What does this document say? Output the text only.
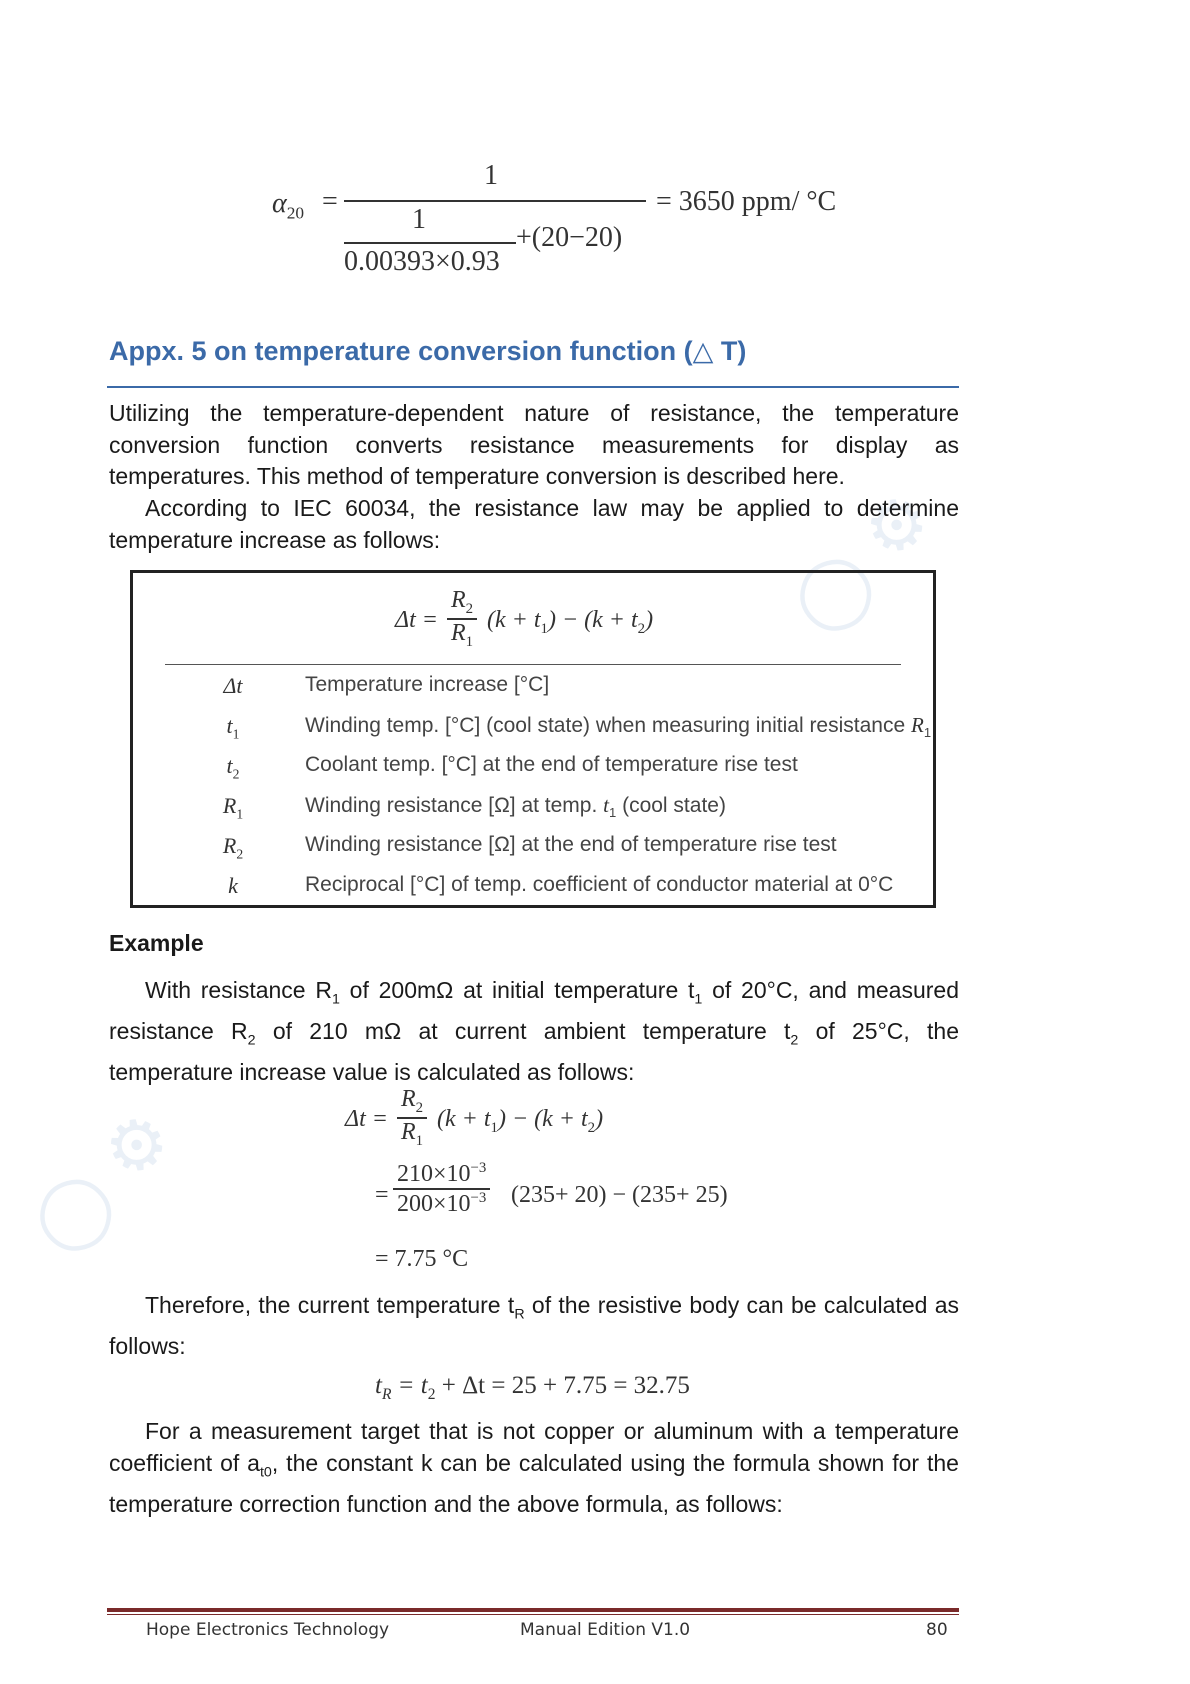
◯ ⚙
◯ ⚙
$\alpha_{20}$ =
1
1
0.00393×0.93
+(20−20)
= 3650 ppm/ °C
Appx. 5 on temperature conversion function (△ T)
Utilizing the temperature-dependent nature of resistance, the temperature conversion function converts resistance measurements for display as temperatures. This method of temperature conversion is described here.
According to IEC 60034, the resistance law may be applied to determine temperature increase as follows:
$\Delta t = \frac{R_2}{R_1} (k + t_1) - (k + t_2)$
Δt	Temperature increase [°C]
$t_1$	Winding temp. [°C] (cool state) when measuring initial resistance $R_1$
$t_2$	Coolant temp. [°C] at the end of temperature rise test
$R_1$	Winding resistance [Ω] at temp. $t_1$ (cool state)
$R_2$	Winding resistance [Ω] at the end of temperature rise test
k	Reciprocal [°C] of temp. coefficient of conductor material at 0°C
Example
With resistance $R_1$ of 200mΩ at initial temperature $t_1$ of 20°C, and measured resistance $R_2$ of 210 mΩ at current ambient temperature $t_2$ of 25°C, the temperature increase value is calculated as follows:
$\Delta t = \frac{R_2}{R_1} (k + t_1) - (k + t_2)$
= $\frac{210\times 10^{-3}}{200\times 10^{-3}} (235+ 20) - (235+ 25)$
= 7.75 °C
Therefore, the current temperature $t_R$ of the resistive body can be calculated as follows:
$t_R = t_2 + \Delta t = 25 + 7.75 = 32.75$
For a measurement target that is not copper or aluminum with a temperature coefficient of $a_{t0}$, the constant k can be calculated using the formula shown for the temperature correction function and the above formula, as follows:
Hope Electronics Technology	Manual Edition V1.0	80
